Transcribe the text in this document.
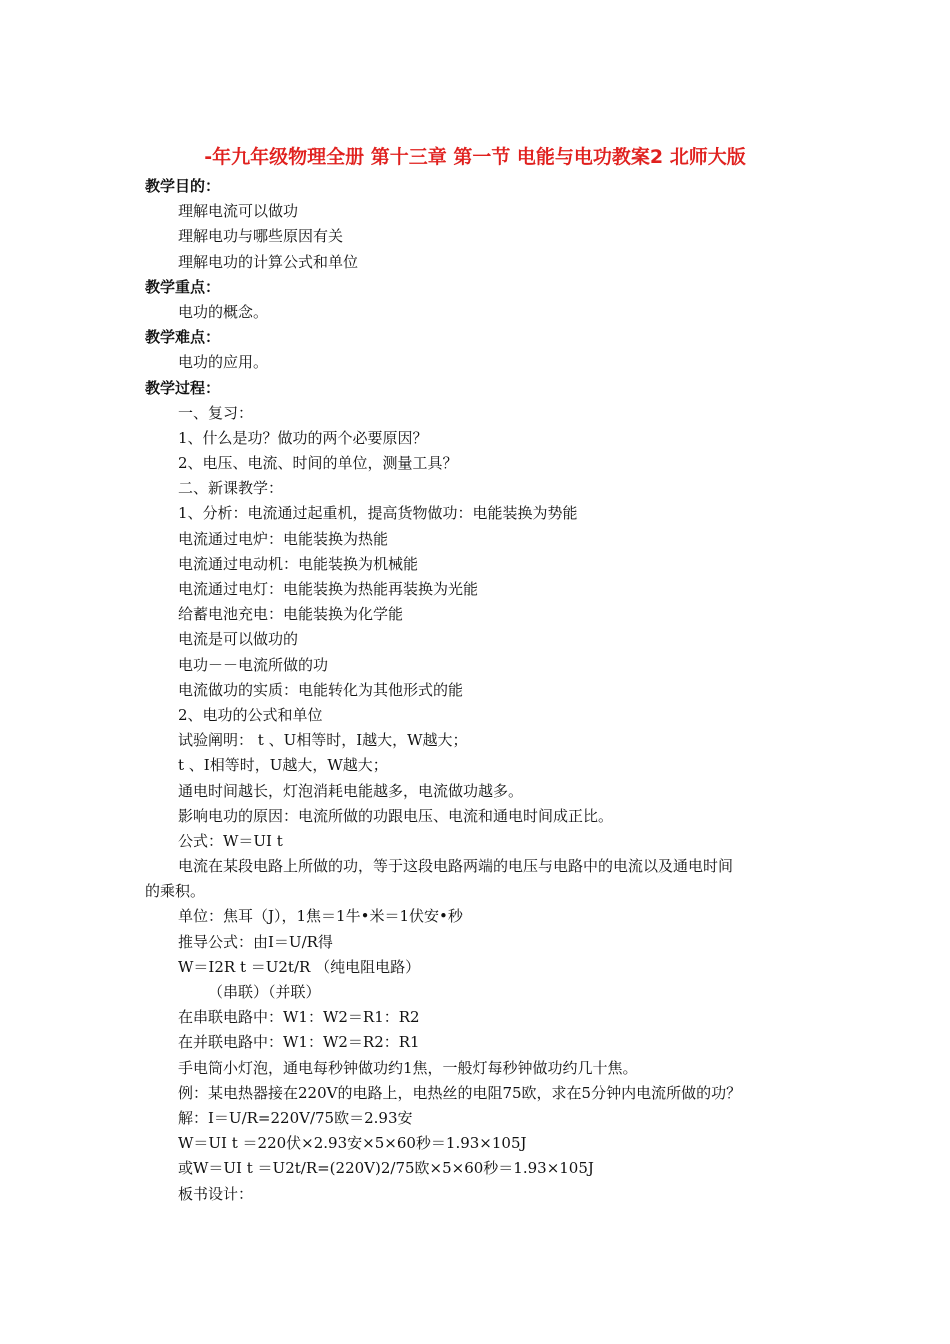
-年九年级物理全册 第十三章 第一节 电能与电功教案2 北师大版
教学目的：
理解电流可以做功
理解电功与哪些原因有关
理解电功的计算公式和单位
教学重点：
电功的概念。
教学难点：
电功的应用。
教学过程：
一、复习：
1、什么是功？做功的两个必要原因？
2、电压、电流、时间的单位，测量工具？
二、新课教学：
1、分析：电流通过起重机，提高货物做功：电能装换为势能
电流通过电炉：电能装换为热能
电流通过电动机：电能装换为机械能
电流通过电灯：电能装换为热能再装换为光能
给蓄电池充电：电能装换为化学能
电流是可以做功的
电功－－电流所做的功
电流做功的实质：电能转化为其他形式的能
2、电功的公式和单位
试验阐明： t 、U相等时，I越大，W越大；
t 、I相等时，U越大，W越大；
通电时间越长，灯泡消耗电能越多，电流做功越多。
影响电功的原因：电流所做的功跟电压、电流和通电时间成正比。
公式：W＝UI t
电流在某段电路上所做的功，等于这段电路两端的电压与电路中的电流以及通电时间
的乘积。
单位：焦耳（J），1焦＝1牛•米＝1伏安•秒
推导公式：由I＝U/R得
W＝I2R t ＝U2t/R （纯电阻电路）
（串联）（并联）
在串联电路中：W1：W2＝R1：R2
在并联电路中：W1：W2＝R2：R1
手电筒小灯泡，通电每秒钟做功约1焦，一般灯每秒钟做功约几十焦。
例：某电热器接在220V的电路上，电热丝的电阻75欧，求在5分钟内电流所做的功？
解：I＝U/R=220V/75欧＝2.93安
W＝UI t ＝220伏×2.93安×5×60秒＝1.93×105J
或W＝UI t ＝U2t/R=(220V)2/75欧×5×60秒＝1.93×105J
板书设计：
